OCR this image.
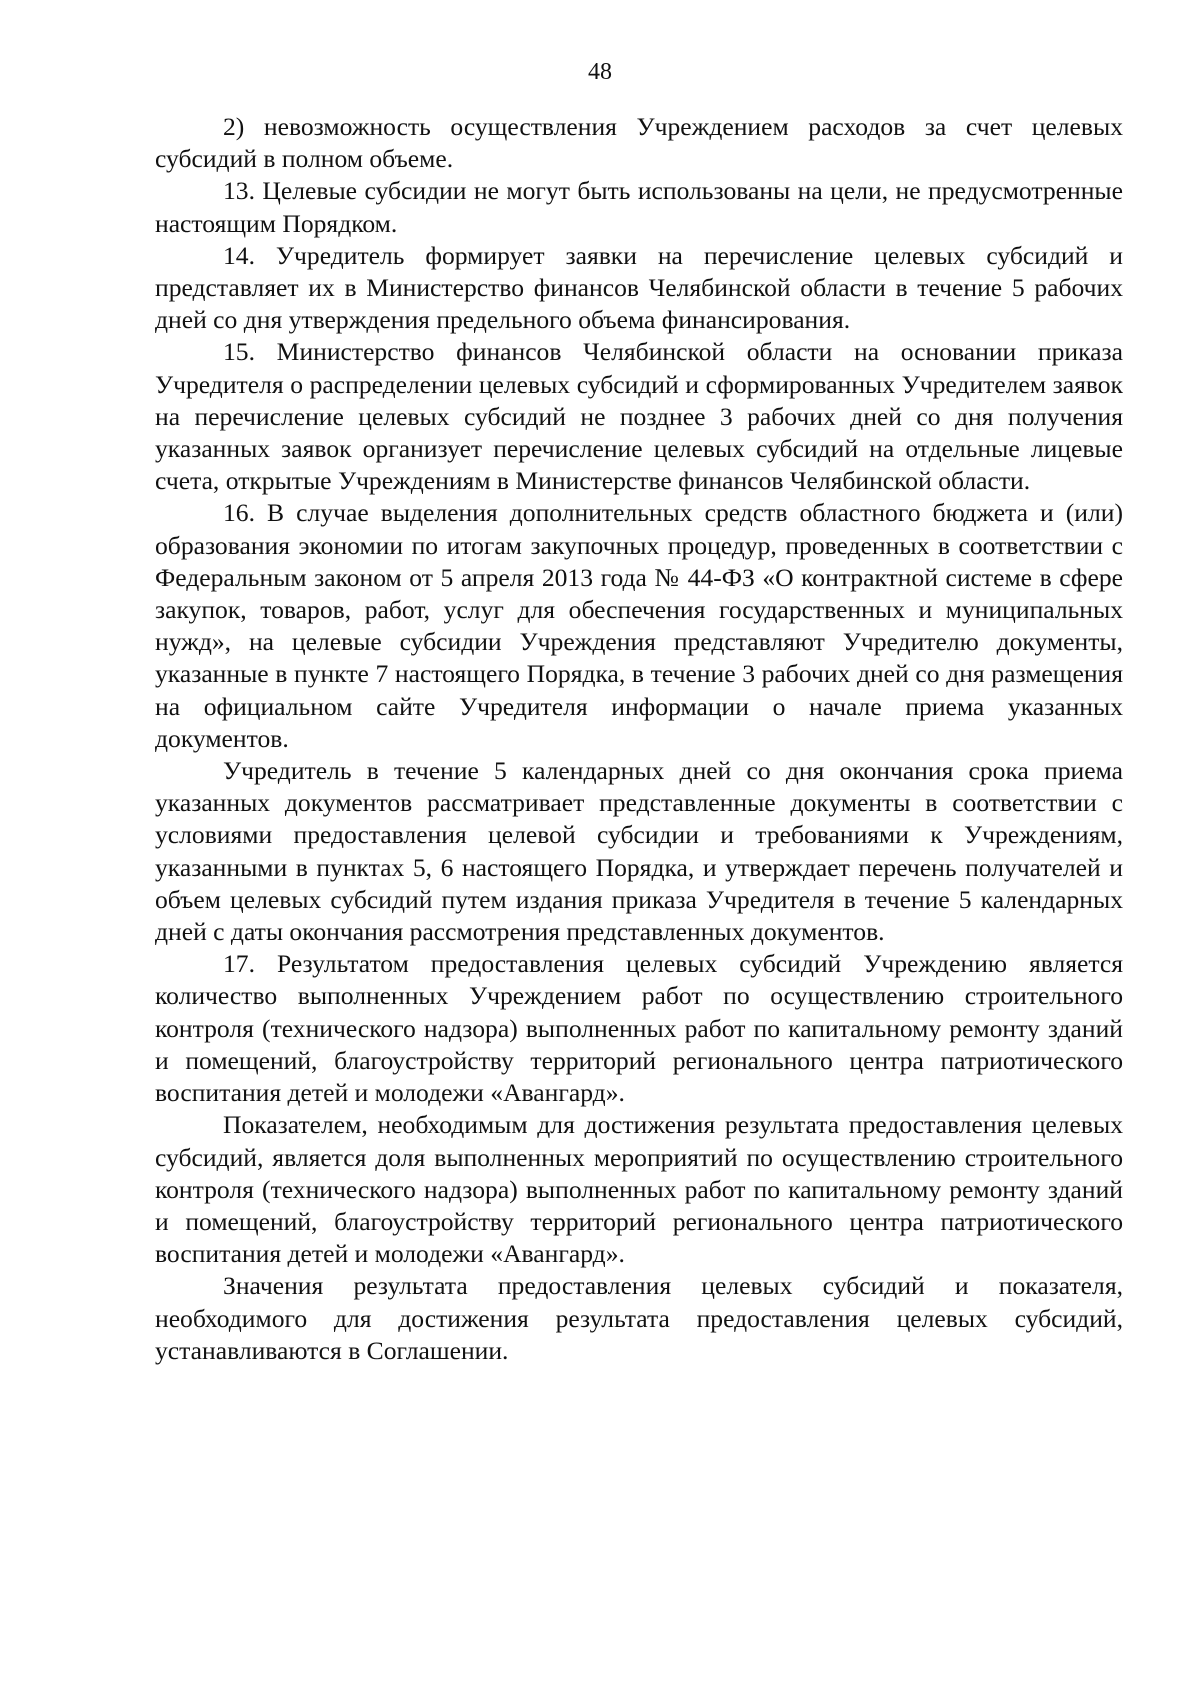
48

2) невозможность осуществления Учреждением расходов за счет целевых субсидий в полном объеме.

13. Целевые субсидии не могут быть использованы на цели, не предусмотренные настоящим Порядком.

14. Учредитель формирует заявки на перечисление целевых субсидий и представляет их в Министерство финансов Челябинской области в течение 5 рабочих дней со дня утверждения предельного объема финансирования.

15. Министерство финансов Челябинской области на основании приказа Учредителя о распределении целевых субсидий и сформированных Учредителем заявок на перечисление целевых субсидий не позднее 3 рабочих дней со дня получения указанных заявок организует перечисление целевых субсидий на отдельные лицевые счета, открытые Учреждениям в Министерстве финансов Челябинской области.

16. В случае выделения дополнительных средств областного бюджета и (или) образования экономии по итогам закупочных процедур, проведенных в соответствии с Федеральным законом от 5 апреля 2013 года № 44-ФЗ «О контрактной системе в сфере закупок, товаров, работ, услуг для обеспечения государственных и муниципальных нужд», на целевые субсидии Учреждения представляют Учредителю документы, указанные в пункте 7 настоящего Порядка, в течение 3 рабочих дней со дня размещения на официальном сайте Учредителя информации о начале приема указанных документов.

Учредитель в течение 5 календарных дней со дня окончания срока приема указанных документов рассматривает представленные документы в соответствии с условиями предоставления целевой субсидии и требованиями к Учреждениям, указанными в пунктах 5, 6 настоящего Порядка, и утверждает перечень получателей и объем целевых субсидий путем издания приказа Учредителя в течение 5 календарных дней с даты окончания рассмотрения представленных документов.

17. Результатом предоставления целевых субсидий Учреждению является количество выполненных Учреждением работ по осуществлению строительного контроля (технического надзора) выполненных работ по капитальному ремонту зданий и помещений, благоустройству территорий регионального центра патриотического воспитания детей и молодежи «Авангард».

Показателем, необходимым для достижения результата предоставления целевых субсидий, является доля выполненных мероприятий по осуществлению строительного контроля (технического надзора) выполненных работ по капитальному ремонту зданий и помещений, благоустройству территорий регионального центра патриотического воспитания детей и молодежи «Авангард».

Значения результата предоставления целевых субсидий и показателя, необходимого для достижения результата предоставления целевых субсидий, устанавливаются в Соглашении.
